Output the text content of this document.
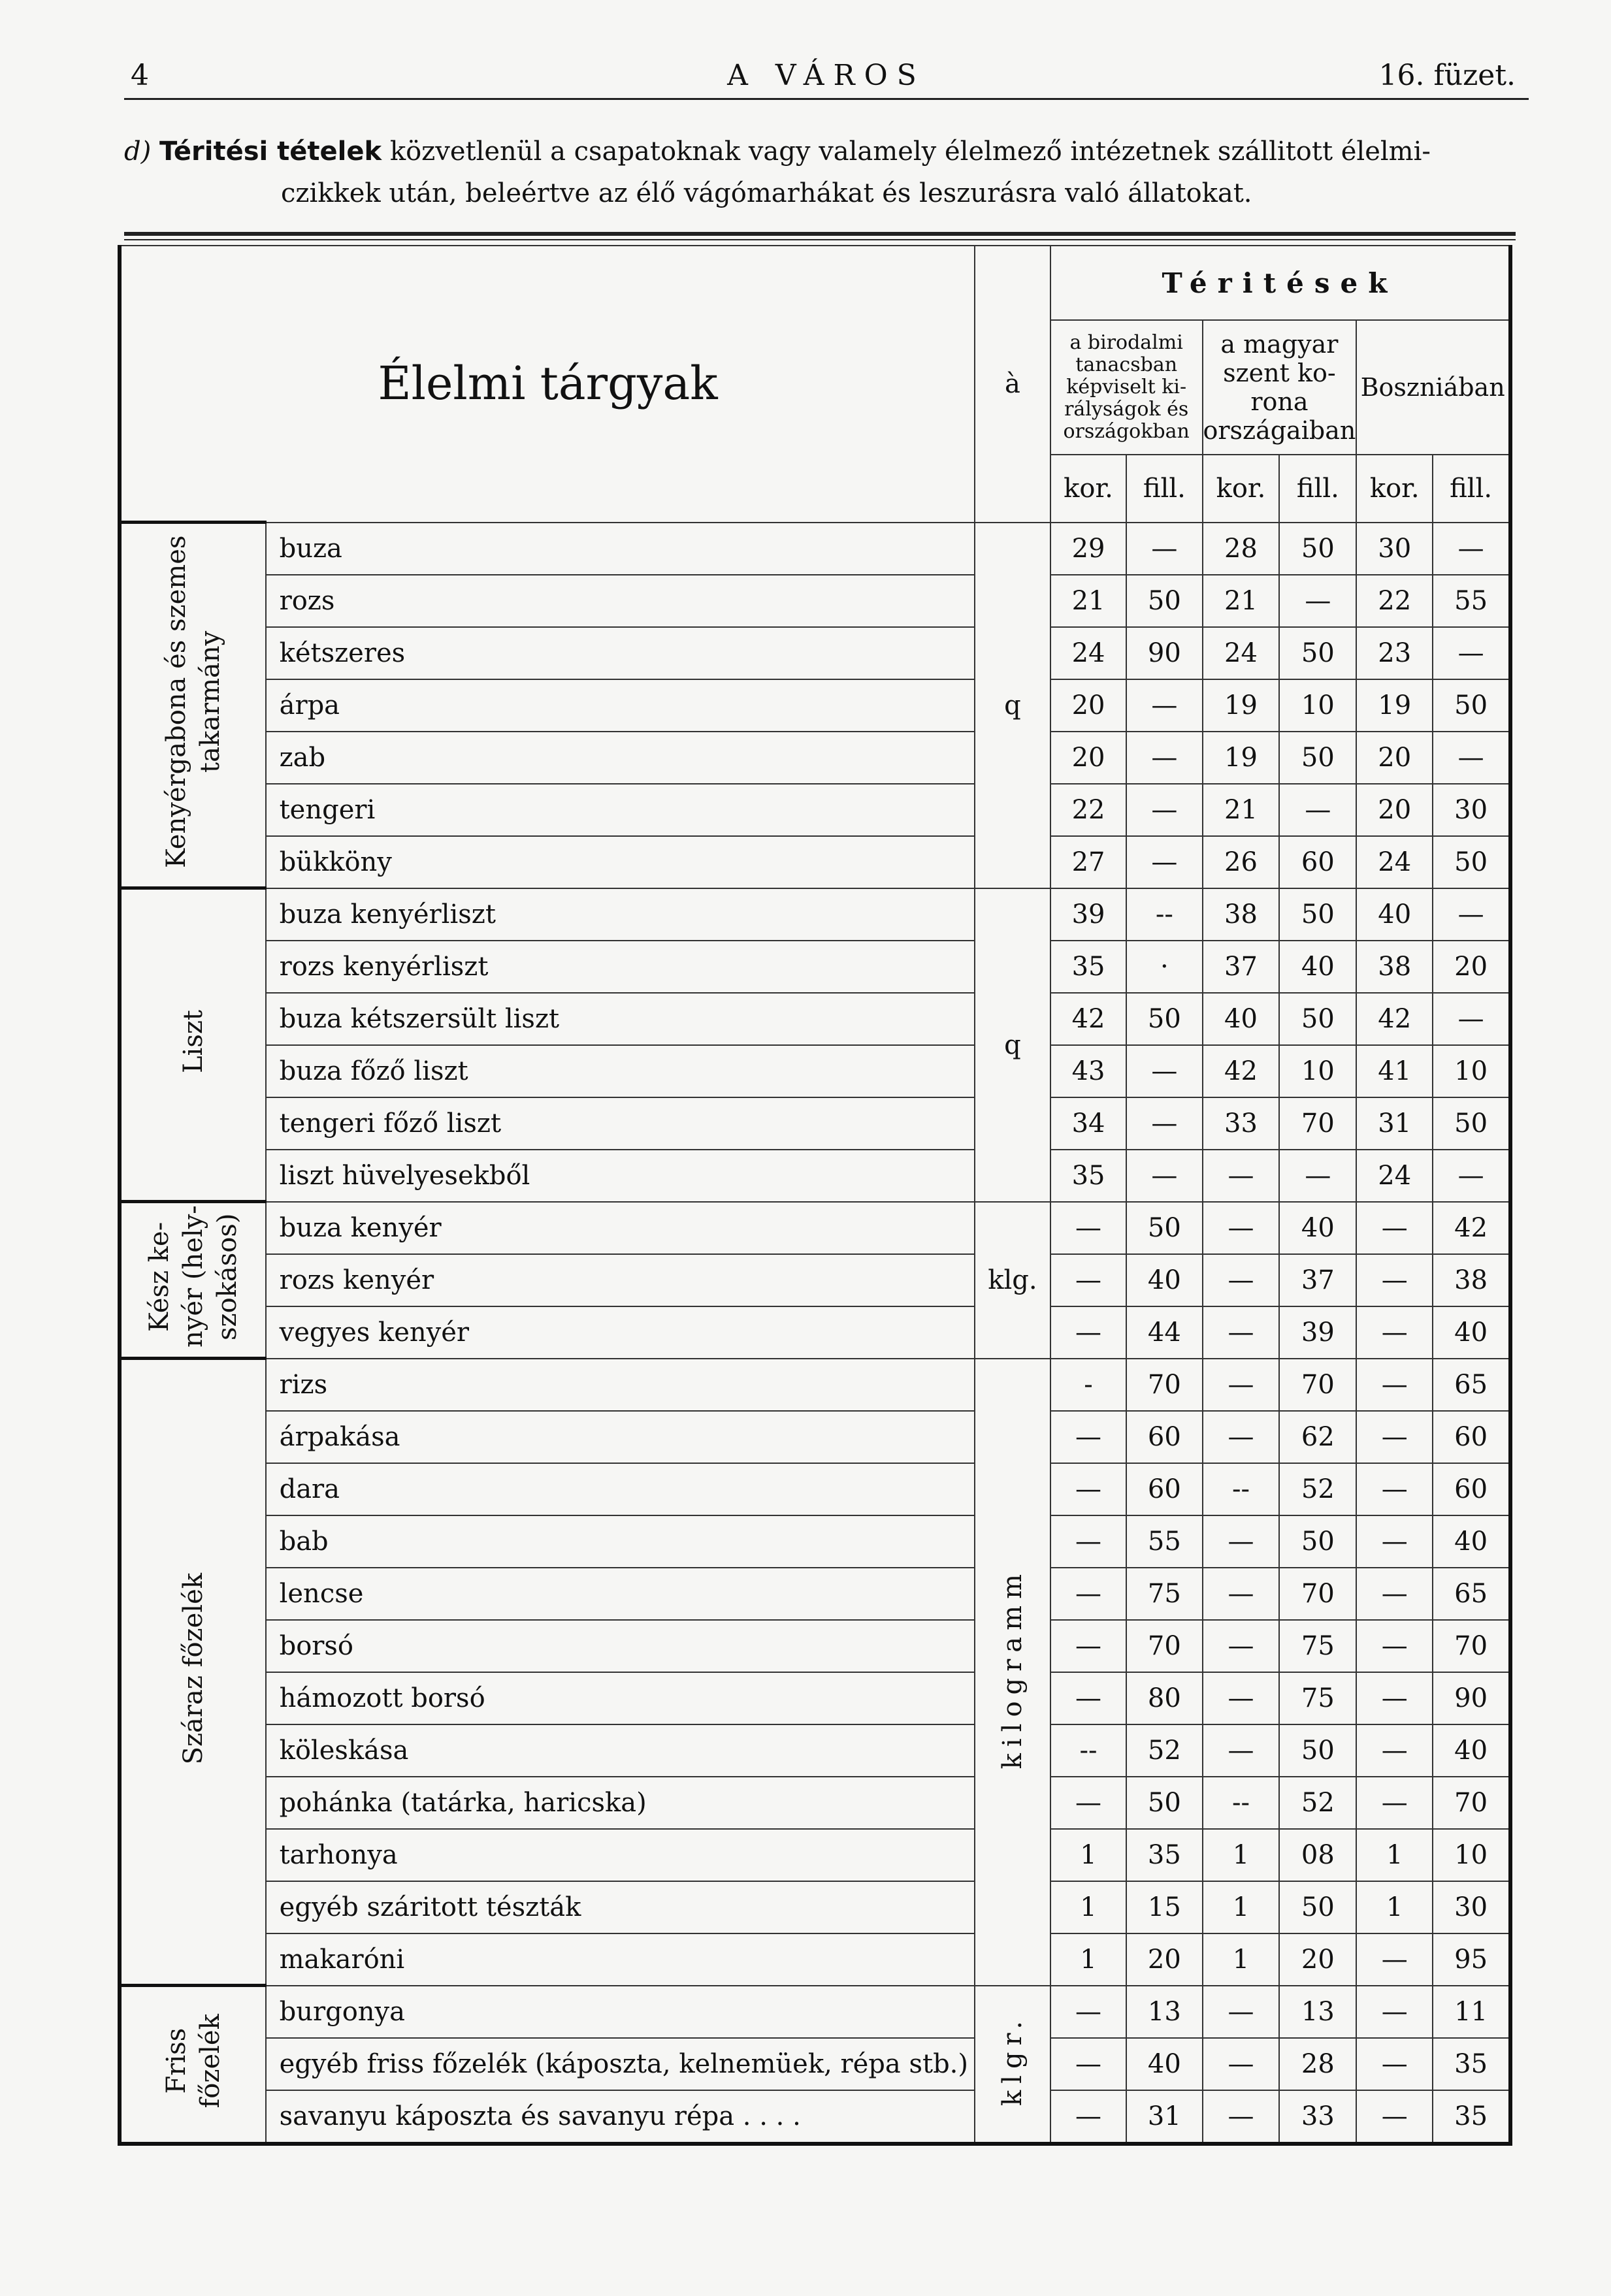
4	A VÁROS	16. füzet.
d) Téritési tételek közvetlenül a csapatoknak vagy valamely élelmező intézetnek szállitott élelmi-
czikkek után, beleértve az élő vágómarhákat és leszurásra való állatokat.
Élelmi tárgyak		à	Téritések					
			a birodalmi tanacsban képviselt ki-rályságok és országokban		a magyar szent ko-rona országaiban		Boszniában	
			kor.	fill.	kor.	fill.	kor.	fill.
Kenyérgabona és szemes takarmány	buza	q	29	—	28	50	30	—
	rozs		21	50	21	—	22	55
	kétszeres		24	90	24	50	23	—
	árpa		20	—	19	10	19	50
	zab		20	—	19	50	20	—
	tengeri		22	—	21	—	20	30
	bükköny		27	—	26	60	24	50
Liszt	buza kenyérliszt	q	39	--	38	50	40	—
	rozs kenyérliszt		35	·	37	40	38	20
	buza kétszersült liszt		42	50	40	50	42	—
	buza főző liszt		43	—	42	10	41	10
	tengeri főző liszt		34	—	33	70	31	50
	liszt hüvelyesekből		35	—	—	—	24	—
Kész ke-nyér (hely-szokásos)	buza kenyér	klg.	—	50	—	40	—	42
	rozs kenyér		—	40	—	37	—	38
	vegyes kenyér		—	44	—	39	—	40
Száraz főzelék	rizs	kilogramm	-	70	—	70	—	65
	árpakása		—	60	—	62	—	60
	dara		—	60	--	52	—	60
	bab		—	55	—	50	—	40
	lencse		—	75	—	70	—	65
	borsó		—	70	—	75	—	70
	hámozott borsó		—	80	—	75	—	90
	köleskása		--	52	—	50	—	40
	pohánka (tatárka, haricska)		—	50	--	52	—	70
	tarhonya		1	35	1	08	1	10
	egyéb száritott tészták		1	15	1	50	1	30
	makaróni		1	20	1	20	—	95
Friss főzelék	burgonya	klgr.	—	13	—	13	—	11
	egyéb friss főzelék (káposzta, kelnemüek, répa stb.)		—	40	—	28	—	35
	savanyu káposzta és savanyu répa . . . .		—	31	—	33	—	35
